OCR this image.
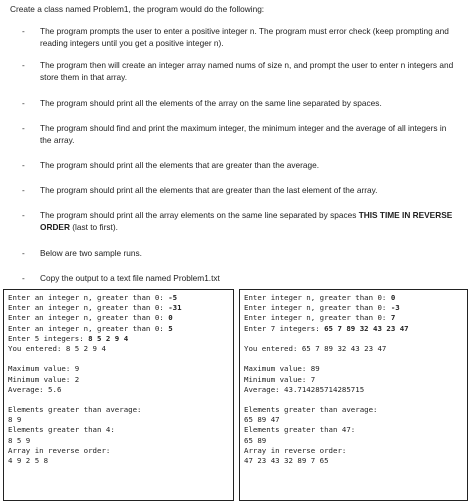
Create a class named Problem1, the program would do the following:
-	The program prompts the user to enter a positive integer n. The program must error check (keep prompting and reading integers until you get a positive integer n).
-	The program then will create an integer array named nums of size n, and prompt the user to enter n integers and store them in that array.
-	The program should print all the elements of the array on the same line separated by spaces.
-	The program should find and print the maximum integer, the minimum integer and the average of all integers in the array.
-	The program should print all the elements that are greater than the average.
-	The program should print all the elements that are greater than the last element of the array.
-	The program should print all the array elements on the same line separated by spaces THIS TIME IN REVERSE ORDER (last to first).
-	Below are two sample runs.
-	Copy the output to a text file named Problem1.txt
Enter an integer n, greater than 0: -5
Enter an integer n, greater than 0: -31
Enter an integer n, greater than 0: 0
Enter an integer n, greater than 0: 5
Enter 5 integers: 8 5 2 9 4
You entered: 8 5 2 9 4
Maximum value: 9
Minimum value: 2
Average: 5.6
Elements greater than average:
8 9
Elements greater than 4:
8 5 9
Array in reverse order:
4 9 2 5 8
Enter integer n, greater than 0: 0
Enter integer n, greater than 0: -3
Enter integer n, greater than 0: 7
Enter 7 integers: 65 7 89 32 43 23 47
You entered: 65 7 89 32 43 23 47
Maximum value: 89
Minimum value: 7
Average: 43.714285714285715
Elements greater than average:
65 89 47
Elements greater than 47:
65 89
Array in reverse order:
47 23 43 32 89 7 65
